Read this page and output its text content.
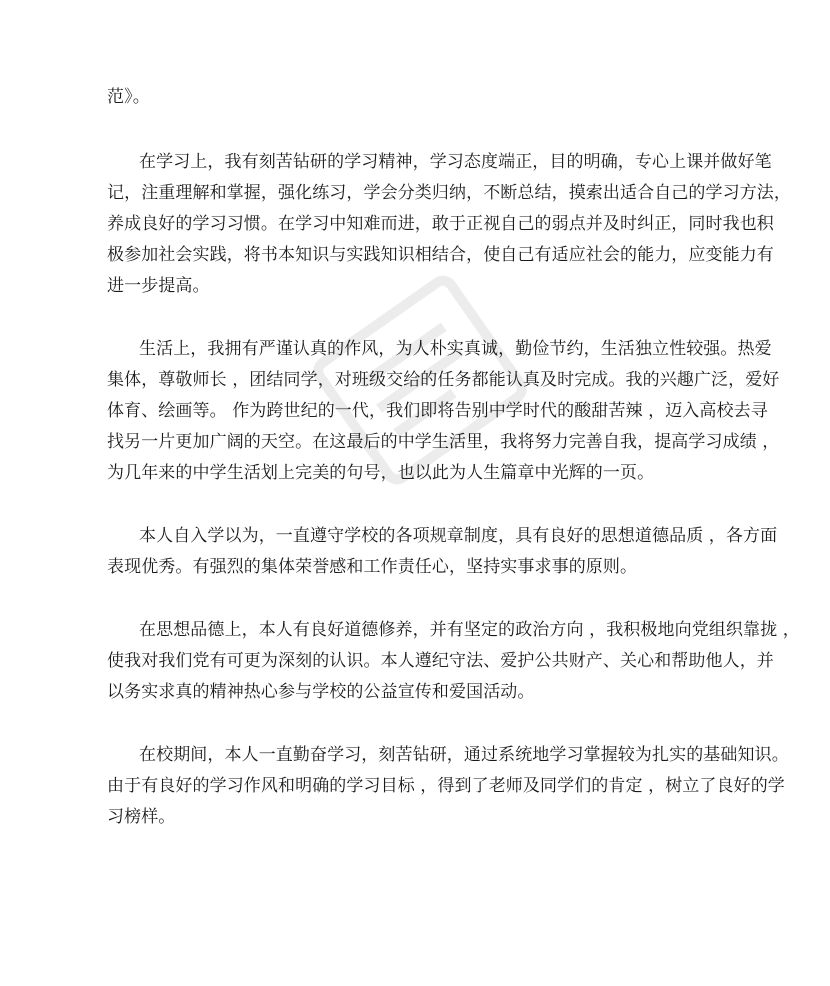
范》。
在学习上，我有刻苦钻研的学习精神，学习态度端正，目的明确，专心上课并做好笔
记，注重理解和掌握，强化练习，学会分类归纳，不断总结，摸索出适合自己的学习方法，
养成良好的学习习惯。在学习中知难而进，敢于正视自己的弱点并及时纠正，同时我也积
极参加社会实践，将书本知识与实践知识相结合，使自己有适应社会的能力，应变能力有
进一步提高。
生活上，我拥有严谨认真的作风，为人朴实真诚，勤俭节约，生活独立性较强。热爱
集体，尊敬师长 ，团结同学，对班级交给的任务都能认真及时完成。我的兴趣广泛，爱好
体育、绘画等。 作为跨世纪的一代，我们即将告别中学时代的酸甜苦辣 ，迈入高校去寻
找另一片更加广阔的天空。在这最后的中学生活里，我将努力完善自我，提高学习成绩 ，
为几年来的中学生活划上完美的句号，也以此为人生篇章中光辉的一页。
本人自入学以为，一直遵守学校的各项规章制度，具有良好的思想道德品质 ，各方面
表现优秀。有强烈的集体荣誉感和工作责任心，坚持实事求事的原则。
在思想品德上，本人有良好道德修养，并有坚定的政治方向 ，我积极地向党组织靠拢 ，
使我对我们党有可更为深刻的认识。本人遵纪守法、爱护公共财产、关心和帮助他人，并
以务实求真的精神热心参与学校的公益宣传和爱国活动。
在校期间，本人一直勤奋学习，刻苦钻研，通过系统地学习掌握较为扎实的基础知识。
由于有良好的学习作风和明确的学习目标 ，得到了老师及同学们的肯定 ，树立了良好的学
习榜样。
